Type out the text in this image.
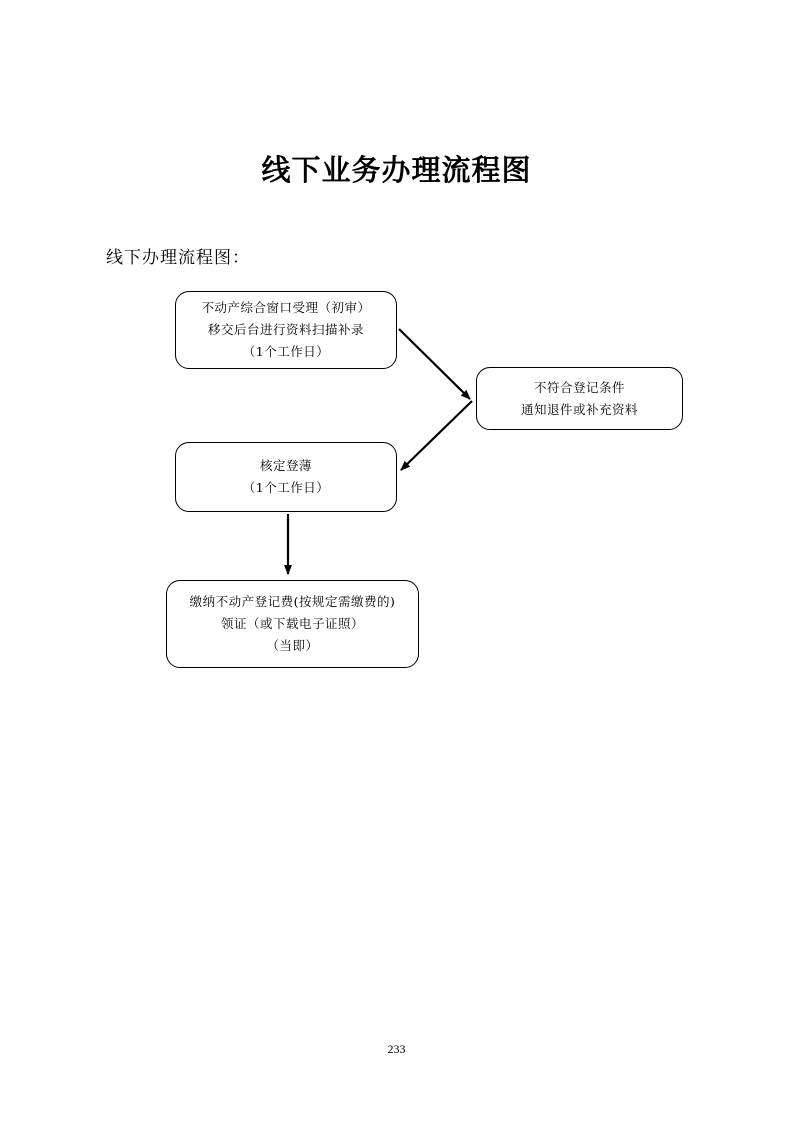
线下业务办理流程图
线下办理流程图：
不动产综合窗口受理（初审）
移交后台进行资料扫描补录
（1个工作日）
不符合登记条件
通知退件或补充资料
核定登薄
（1个工作日）
缴纳不动产登记费(按规定需缴费的)
领证（或下载电子证照）
（当即）
233
